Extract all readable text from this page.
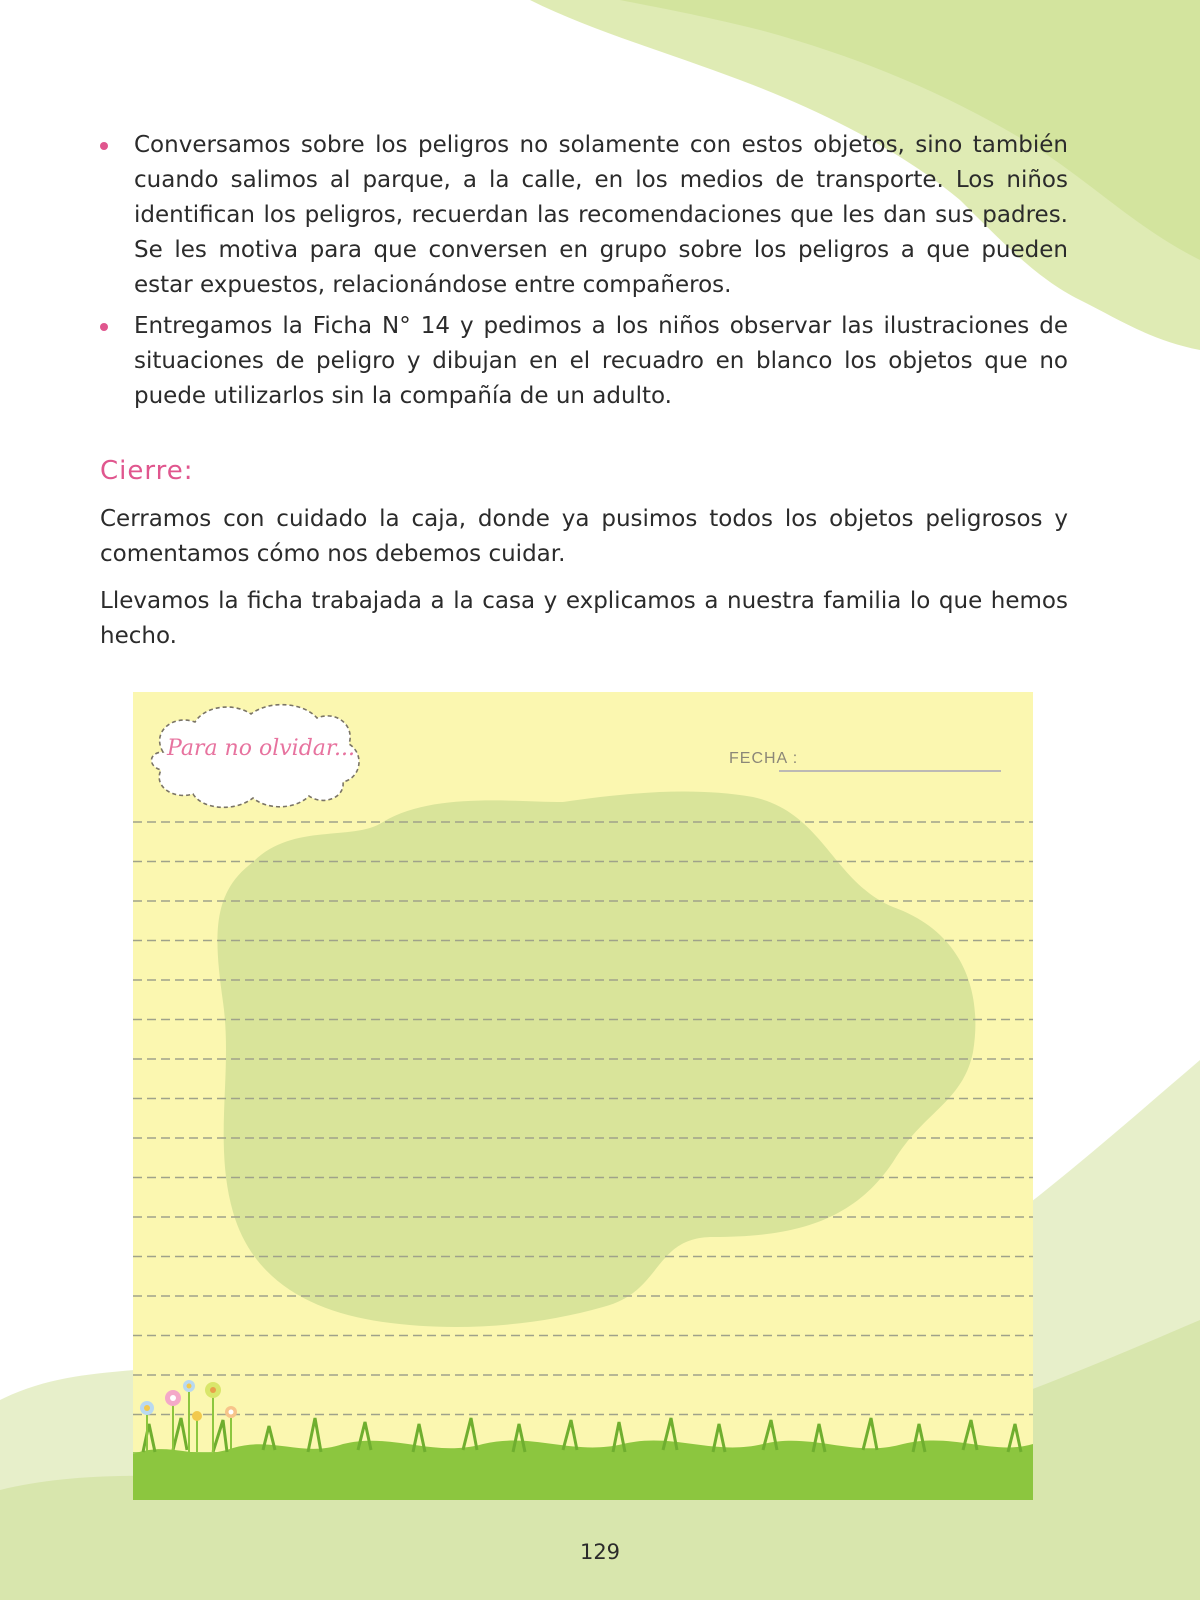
Conversamos sobre los peligros no solamente con estos objetos, sino también cuando salimos al parque, a la calle, en los medios de transporte. Los niños identifican los peligros, recuerdan las recomendaciones que les dan sus padres. Se les motiva para que conversen en grupo sobre los peligros a que pueden estar expuestos, relacionándose entre compañeros.
Entregamos la Ficha N° 14 y pedimos a los niños observar las ilustraciones de situaciones de peligro y dibujan en el recuadro en blanco los objetos que no puede utilizarlos sin la compañía de un adulto.
Cierre:

Cerramos con cuidado la caja, donde ya pusimos todos los objetos peligrosos y comentamos cómo nos debemos cuidar.

Llevamos la ficha trabajada a la casa y explicamos a nuestra familia lo que hemos hecho.

Para no olvidar...	FECHA :
129
